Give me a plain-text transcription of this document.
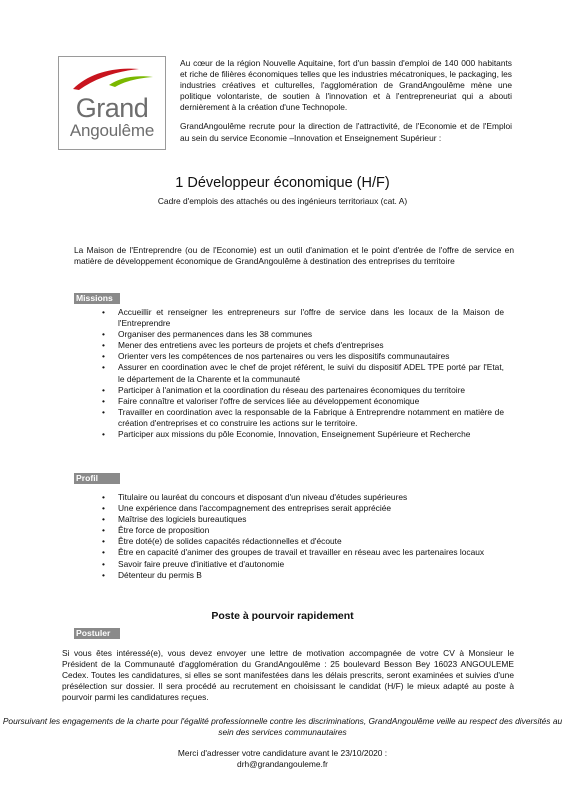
Grand
Angoulême

Au cœur de la région Nouvelle Aquitaine, fort d'un bassin d'emploi de 140 000 habitants et riche de filières économiques telles que les industries mécatroniques, le packaging, les industries créatives et culturelles, l'agglomération de GrandAngoulême mène une politique volontariste, de soutien à l'innovation et à l'entrepreneuriat qui a abouti dernièrement à la création d'une Technopole.

GrandAngoulême recrute pour la direction de l'attractivité, de l'Economie et de l'Emploi au sein du service Economie –Innovation et Enseignement Supérieur :

1 Développeur économique (H/F)
Cadre d'emplois des attachés ou des ingénieurs territoriaux (cat. A)

La Maison de l'Entreprendre (ou de l'Economie) est un outil d'animation et le point d'entrée de l'offre de service en matière de développement économique de GrandAngoulême à destination des entreprises du territoire

Missions
• Accueillir et renseigner les entrepreneurs sur l'offre de service dans les locaux de la Maison de l'Entreprendre
• Organiser des permanences dans les 38 communes
• Mener des entretiens avec les porteurs de projets et chefs d'entreprises
• Orienter vers les compétences de nos partenaires ou vers les dispositifs communautaires
• Assurer en coordination avec le chef de projet référent, le suivi du dispositif ADEL TPE porté par l'Etat, le département de la Charente et la communauté
• Participer à l'animation et la coordination du réseau des partenaires économiques du territoire
• Faire connaître et valoriser l'offre de services liée au développement économique
• Travailler en coordination avec la responsable de la Fabrique à Entreprendre notamment en matière de création d'entreprises et co construire les actions sur le territoire.
• Participer aux missions du pôle Economie, Innovation, Enseignement Supérieure et Recherche
Profil
• Titulaire ou lauréat du concours et disposant d'un niveau d'études supérieures
• Une expérience dans l'accompagnement des entreprises serait appréciée
• Maîtrise des logiciels bureautiques
• Être force de proposition
• Être doté(e) de solides capacités rédactionnelles et d'écoute
• Être en capacité d'animer des groupes de travail et travailler en réseau avec les partenaires locaux
• Savoir faire preuve d'initiative et d'autonomie
• Détenteur du permis B
Poste à pourvoir rapidement
Postuler

Si vous êtes intéressé(e), vous devez envoyer une lettre de motivation accompagnée de votre CV à Monsieur le Président de la Communauté d'agglomération du GrandAngoulême : 25 boulevard Besson Bey 16023 ANGOULEME Cedex. Toutes les candidatures, si elles se sont manifestées dans les délais prescrits, seront examinées et suivies d'une présélection sur dossier. Il sera procédé au recrutement en choisissant le candidat (H/F) le mieux adapté au poste à pourvoir parmi les candidatures reçues.

Poursuivant les engagements de la charte pour l'égalité professionnelle contre les discriminations, GrandAngoulême veille au respect des diversités au sein des services communautaires

Merci d'adresser votre candidature avant le 23/10/2020 :
drh@grandangouleme.fr
